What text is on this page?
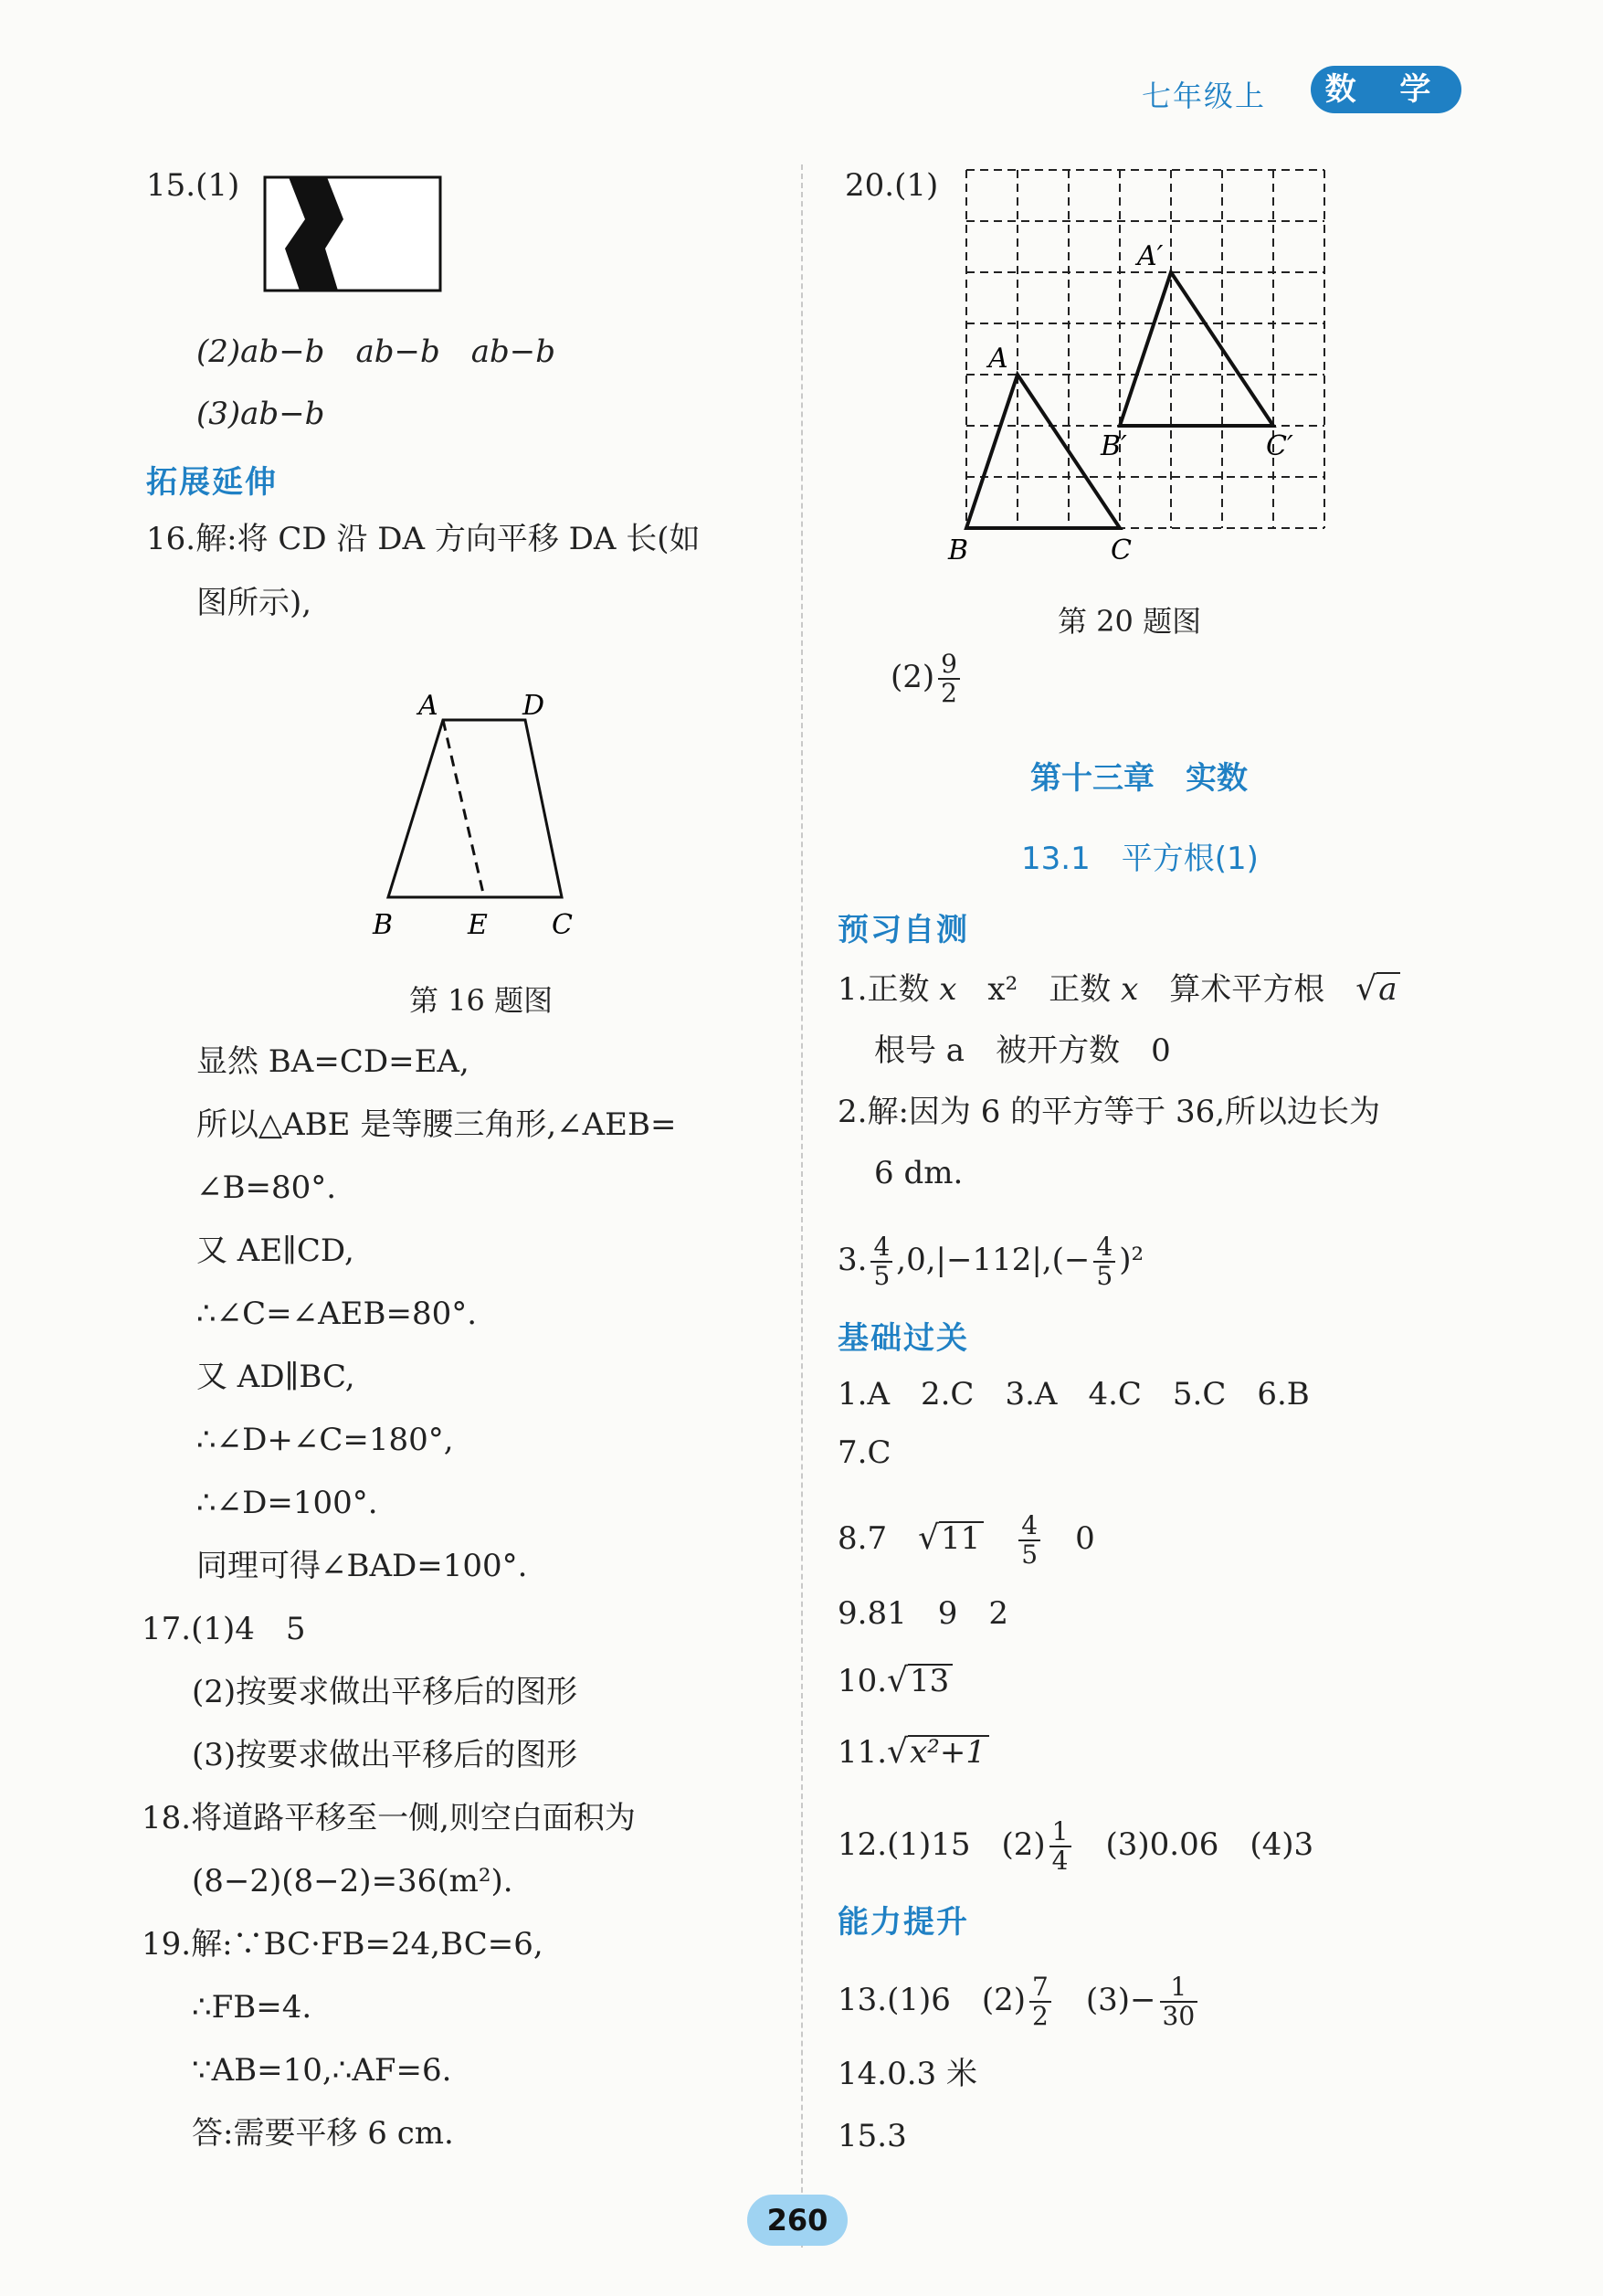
七年级上	数 学
15.(1)
(2)ab−b　ab−b　ab−b
(3)ab−b
拓展延伸
16.解:将 CD 沿 DA 方向平移 DA 长(如
图所示),
A	D
B	E C
第 16 题图
显然 BA=CD=EA,
所以△ABE 是等腰三角形,∠AEB=
∠B=80°.
又 AE∥CD,
∴∠C=∠AEB=80°.
又 AD∥BC,
∴∠D+∠C=180°,
∴∠D=100°.
同理可得∠BAD=100°.
17.(1)4　5
(2)按要求做出平移后的图形
(3)按要求做出平移后的图形
18.将道路平移至一侧,则空白面积为
(8−2)(8−2)=36(m²).
19.解:∵BC·FB=24,BC=6,
∴FB=4.
∵AB=10,∴AF=6.
答:需要平移 6 cm.
20.(1)
A
A′
B′	C′
B	C
第 20 题图
$(2) \frac{9}{2}$
第十三章　实数
13.1　平方根(1)
预习自测
1.正数 x　x²　正数 x　算术平方根　√a
根号 a　被开方数　0
2.解:因为 6 的平方等于 36,所以边长为
6 dm.
3. $\frac{4}{5} ,0,|-112|,(- \frac{4}{5} )^2$
基础过关
1.A　2.C　3.A　4.C　5.C　6.B
7.C
8.7　√11　 $\frac{4}{5}$ 　0
9.81　9　2
10.√13
11.√x²+1
12.(1)15　$(2) \frac{1}{4}$ 　(3)0.06　(4)3
能力提升
13.(1)6　$(2) \frac{7}{2}$ 　$(3)- \frac{1}{30}$
14.0.3 米
15.3
260
